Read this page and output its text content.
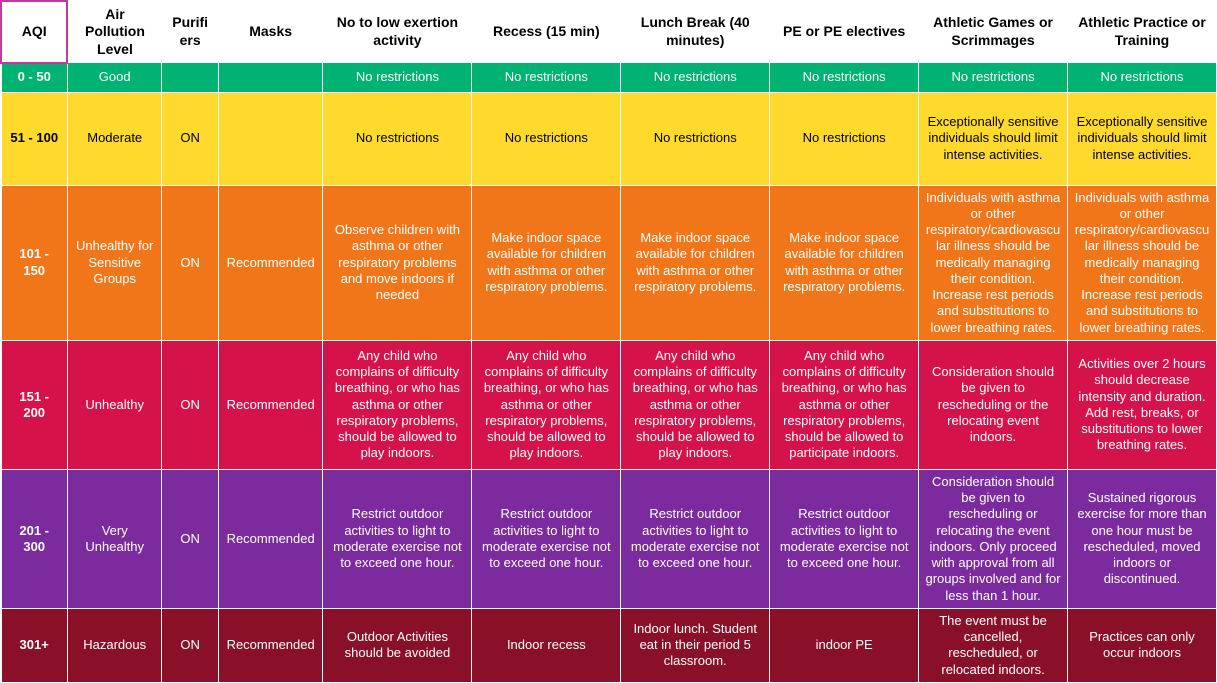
AQI	Air Pollution Level	Purifiers	Masks	No to low exertion activity	Recess (15 min)	Lunch Break (40 minutes)	PE or PE electives	Athletic Games or Scrimmages	Athletic Practice or Training
0 - 50	Good			No restrictions	No restrictions	No restrictions	No restrictions	No restrictions	No restrictions
51 - 100	Moderate	ON		No restrictions	No restrictions	No restrictions	No restrictions	Exceptionally sensitive individuals should limit intense activities.	Exceptionally sensitive individuals should limit intense activities.
101 - 150	Unhealthy for Sensitive Groups	ON	Recommended	Observe children with asthma or other respiratory problems and move indoors if needed	Make indoor space available for children with asthma or other respiratory problems.	Make indoor space available for children with asthma or other respiratory problems.	Make indoor space available for children with asthma or other respiratory problems.	Individuals with asthma or other respiratory/cardiovascular illness should be medically managing their condition. Increase rest periods and substitutions to lower breathing rates.	Individuals with asthma or other respiratory/cardiovascular illness should be medically managing their condition. Increase rest periods and substitutions to lower breathing rates.
151 - 200	Unhealthy	ON	Recommended	Any child who complains of difficulty breathing, or who has asthma or other respiratory problems, should be allowed to play indoors.	Any child who complains of difficulty breathing, or who has asthma or other respiratory problems, should be allowed to play indoors.	Any child who complains of difficulty breathing, or who has asthma or other respiratory problems, should be allowed to play indoors.	Any child who complains of difficulty breathing, or who has asthma or other respiratory problems, should be allowed to participate indoors.	Consideration should be given to rescheduling or the relocating event indoors.	Activities over 2 hours should decrease intensity and duration. Add rest, breaks, or substitutions to lower breathing rates.
201 - 300	Very Unhealthy	ON	Recommended	Restrict outdoor activities to light to moderate exercise not to exceed one hour.	Restrict outdoor activities to light to moderate exercise not to exceed one hour.	Restrict outdoor activities to light to moderate exercise not to exceed one hour.	Restrict outdoor activities to light to moderate exercise not to exceed one hour.	Consideration should be given to rescheduling or relocating the event indoors. Only proceed with approval from all groups involved and for less than 1 hour.	Sustained rigorous exercise for more than one hour must be rescheduled, moved indoors or discontinued.
301+	Hazardous	ON	Recommended	Outdoor Activities should be avoided	Indoor recess	Indoor lunch. Student eat in their period 5 classroom.	indoor PE	The event must be cancelled, rescheduled, or relocated indoors.	Practices can only occur indoors
